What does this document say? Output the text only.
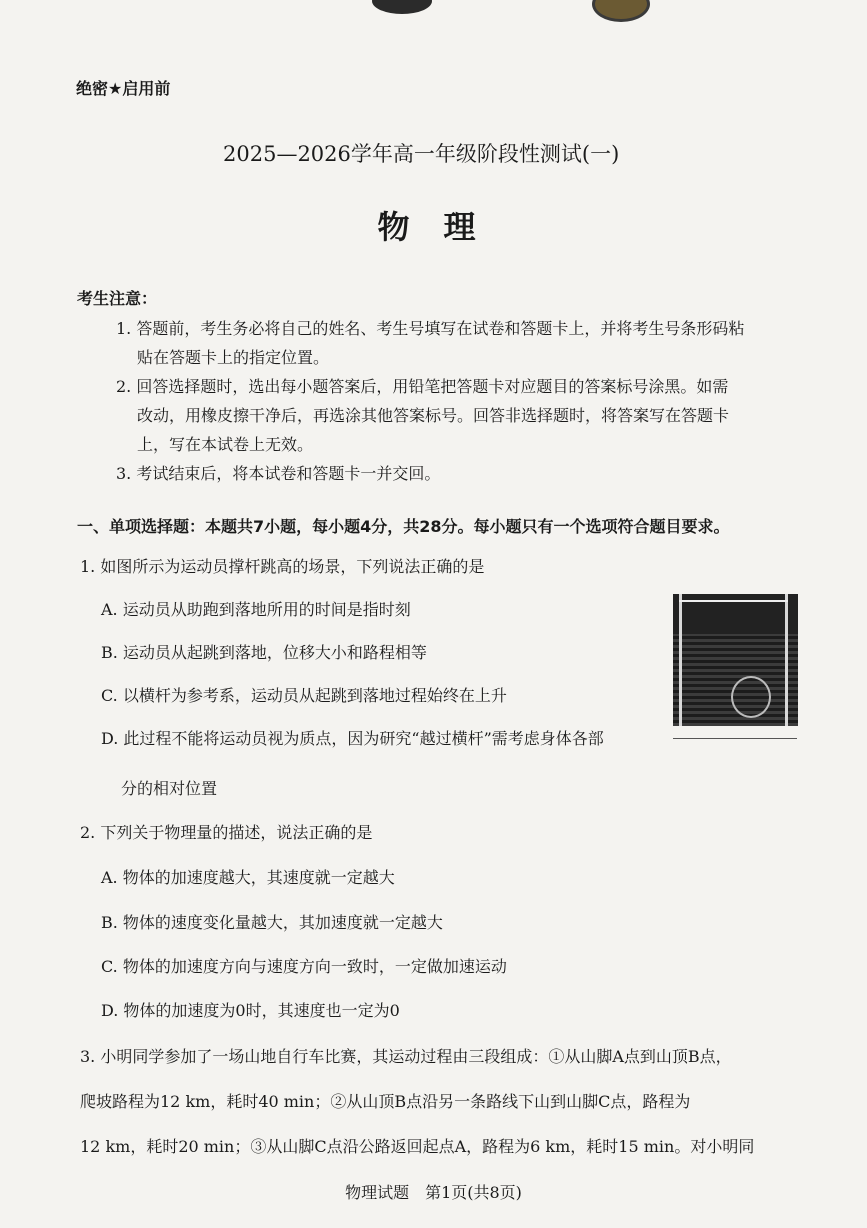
绝密★启用前
2025—2026学年高一年级阶段性测试(一)
物理
考生注意：
1. 答题前，考生务必将自己的姓名、考生号填写在试卷和答题卡上，并将考生号条形码粘
贴在答题卡上的指定位置。
2. 回答选择题时，选出每小题答案后，用铅笔把答题卡对应题目的答案标号涂黑。如需
改动，用橡皮擦干净后，再选涂其他答案标号。回答非选择题时，将答案写在答题卡
上，写在本试卷上无效。
3. 考试结束后，将本试卷和答题卡一并交回。
一、单项选择题：本题共7小题，每小题4分，共28分。每小题只有一个选项符合题目要求。
1. 如图所示为运动员撑杆跳高的场景，下列说法正确的是
A. 运动员从助跑到落地所用的时间是指时刻
B. 运动员从起跳到落地，位移大小和路程相等
C. 以横杆为参考系，运动员从起跳到落地过程始终在上升
D. 此过程不能将运动员视为质点，因为研究“越过横杆”需考虑身体各部
分的相对位置
2. 下列关于物理量的描述，说法正确的是
A. 物体的加速度越大，其速度就一定越大
B. 物体的速度变化量越大，其加速度就一定越大
C. 物体的加速度方向与速度方向一致时，一定做加速运动
D. 物体的加速度为0时，其速度也一定为0
3. 小明同学参加了一场山地自行车比赛，其运动过程由三段组成：①从山脚A点到山顶B点，
爬坡路程为12 km，耗时40 min；②从山顶B点沿另一条路线下山到山脚C点，路程为
12 km，耗时20 min；③从山脚C点沿公路返回起点A，路程为6 km，耗时15 min。对小明同
物理试题　第1页(共8页)
